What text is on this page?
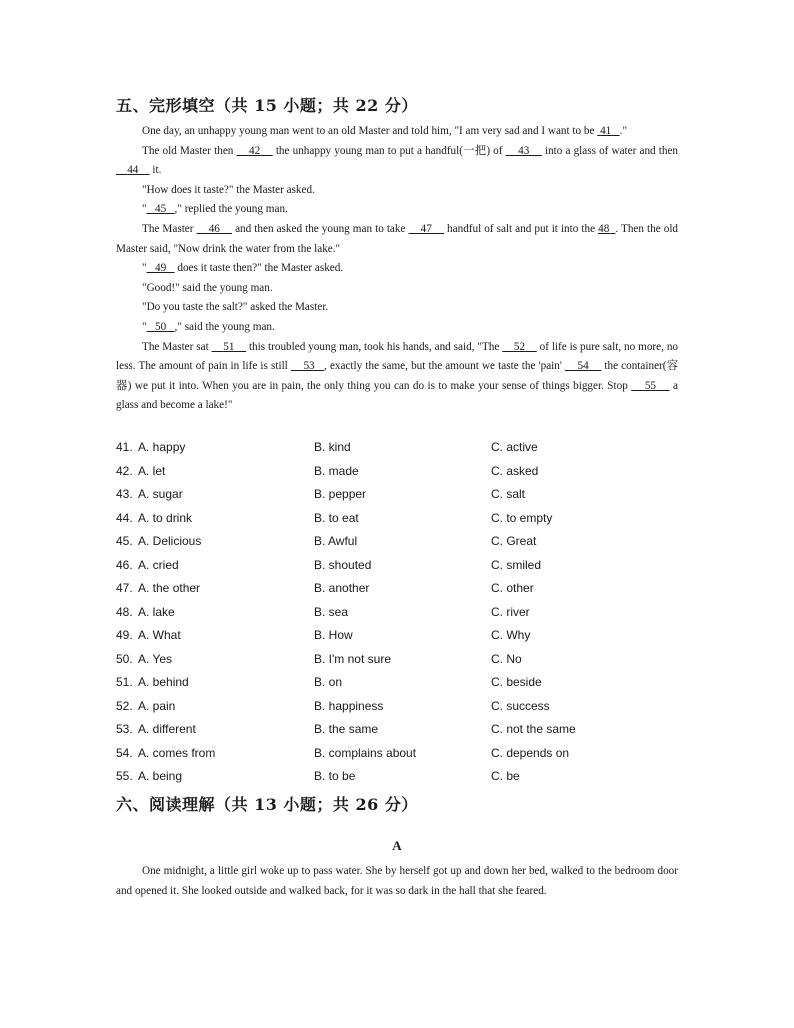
五、完形填空（共 15 小题；共 22 分）

One day, an unhappy young man went to an old Master and told him, "I am very sad and I want to be  41 ."

The old Master then     42     the unhappy young man to put a handful(一把) of     43     into a glass of water and then     44     it.

"How does it taste?" the Master asked.

" 45 ," replied the young man.

The Master     46     and then asked the young man to take     47     handful of salt and put it into the 48 . Then the old Master said, "Now drink the water from the lake."

" 49    does it taste then?" the Master asked.

"Good!" said the young man.

"Do you taste the salt?" asked the Master.

" 50 ," said the young man.

The Master sat     51     this troubled young man, took his hands, and said, "The     52     of life is pure salt, no more, no less. The amount of pain in life is still     53 , exactly the same, but the amount we taste the 'pain'     54     the container(容器) we put it into. When you are in pain, the only thing you can do is to make your sense of things bigger. Stop     55     a glass and become a lake!"

41. A. happy	B. kind	C. active
42. A. let	B. made	C. asked
43. A. sugar	B. pepper	C. salt
44. A. to drink	B. to eat	C. to empty
45. A. Delicious	B. Awful	C. Great
46. A. cried	B. shouted	C. smiled
47. A. the other	B. another	C. other
48. A. lake	B. sea	C. river
49. A. What	B. How	C. Why
50. A. Yes	B. I'm not sure	C. No
51. A. behind	B. on	C. beside
52. A. pain	B. happiness	C. success
53. A. different	B. the same	C. not the same
54. A. comes from	B. complains about	C. depends on
55. A. being	B. to be	C. be
六、阅读理解（共 13 小题；共 26 分）
A

One midnight, a little girl woke up to pass water. She by herself got up and down her bed, walked to the bedroom door and opened it. She looked outside and walked back, for it was so dark in the hall that she feared.
